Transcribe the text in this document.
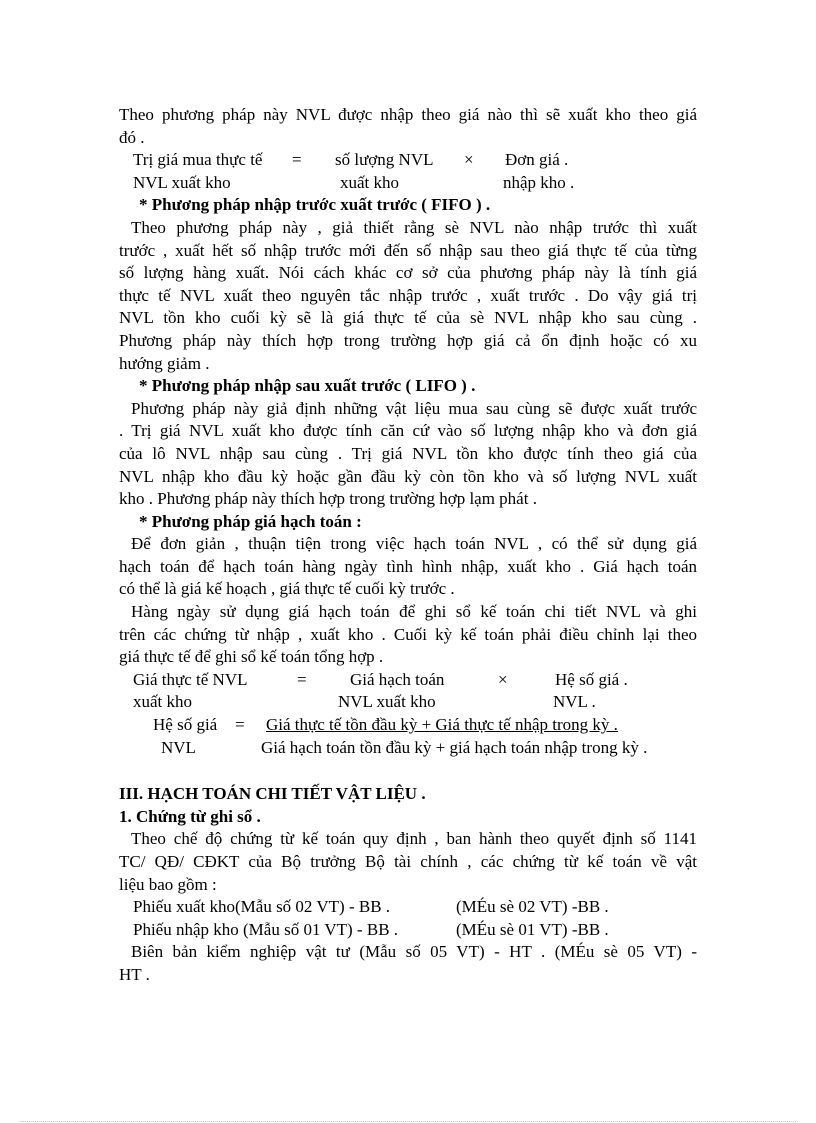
Theo phương pháp này NVL được nhập theo giá nào thì sẽ xuất kho theo giá

đó .

Trị giá mua thực tế = số lượng NVL × Đơn giá .
NVL xuất kho	xuất kho	nhập kho .

* Phương pháp nhập trước xuất trước ( FIFO ) .

Theo phương pháp này , giả thiết rằng sè NVL nào nhập trước thì xuất

trước , xuất hết số nhập trước mới đến số nhập sau theo giá thực tế của từng

số lượng hàng xuất. Nói cách khác cơ sở của phương pháp này là tính giá

thực tế NVL xuất theo nguyên tắc nhập trước , xuất trước . Do vậy giá trị

NVL tồn kho cuối kỳ sẽ là giá thực tế của sè NVL nhập kho sau cùng .

Phương pháp này thích hợp trong trường hợp giá cả ổn định hoặc có xu

hướng giảm .

* Phương pháp nhập sau xuất trước ( LIFO ) .

Phương pháp này giả định những vật liệu mua sau cùng sẽ được xuất trước

. Trị giá NVL xuất kho được tính căn cứ vào số lượng nhập kho và đơn giá

của lô NVL nhập sau cùng . Trị giá NVL tồn kho được tính theo giá của

NVL nhập kho đầu kỳ hoặc gần đầu kỳ còn tồn kho và số lượng NVL xuất

kho . Phương pháp này thích hợp trong trường hợp lạm phát .

* Phương pháp giá hạch toán :

Để đơn giản , thuận tiện trong việc hạch toán NVL , có thể sử dụng giá

hạch toán để hạch toán hàng ngày tình hình nhập, xuất kho . Giá hạch toán

có thể là giá kế hoạch , giá thực tế cuối kỳ trước .

Hàng ngày sử dụng giá hạch toán để ghi sổ kế toán chi tiết NVL và ghi

trên các chứng từ nhập , xuất kho . Cuối kỳ kế toán phải điều chỉnh lại theo

giá thực tế để ghi sổ kế toán tổng hợp .

Giá thực tế NVL	=	Giá hạch toán	×	Hệ số giá .
xuất kho	NVL xuất kho	NVL .
Hệ số giá = Giá thực tế tồn đầu kỳ + Giá thực tế nhập trong kỳ .
NVL	Giá hạch toán tồn đầu kỳ + giá hạch toán nhập trong kỳ .

III. HẠCH TOÁN CHI TIẾT VẬT LIỆU .

1. Chứng từ ghi sổ .

Theo chế độ chứng từ kế toán quy định , ban hành theo quyết định số 1141

TC/ QĐ/ CĐKT của Bộ trưởng Bộ tài chính , các chứng từ kế toán về vật

liệu bao gồm :

Phiếu xuất kho(Mẫu số 02 VT) - BB .	(MÉu sè 02 VT) -BB .
Phiếu nhập kho (Mẫu số 01 VT) - BB .	(MÉu sè 01 VT) -BB .

Biên bản kiểm nghiệp vật tư (Mẫu số 05 VT) - HT . (MÉu sè 05 VT) -

HT .
